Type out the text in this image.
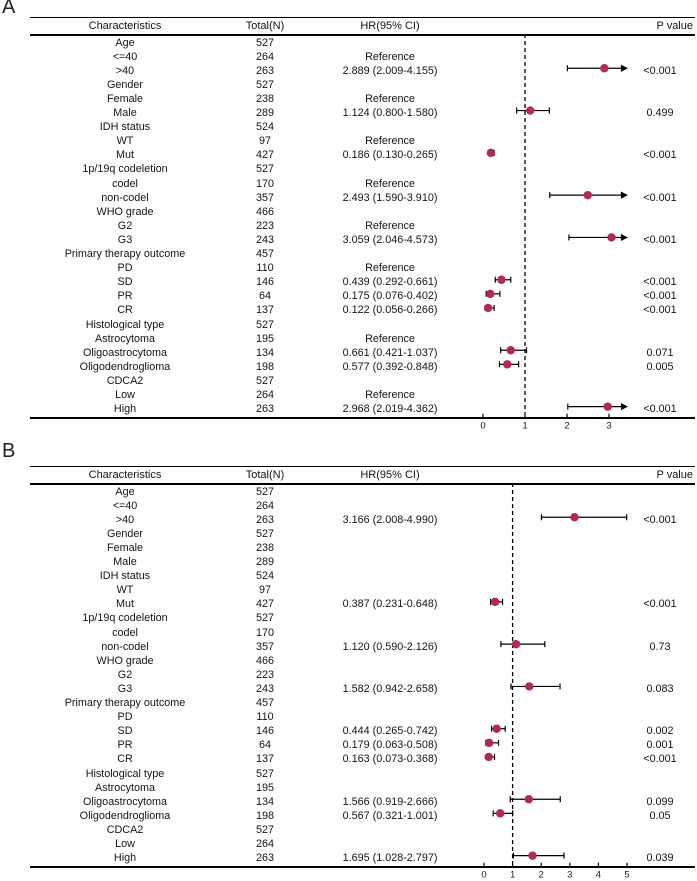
A
Characteristics	Total(N)	HR(95% CI)	P value
Age	527
<=40	264	Reference
>40	263	2.889 (2.009-4.155)	<0.001
Gender	527
Female	238	Reference
Male	289	1.124 (0.800-1.580)	0.499
IDH status	524
WT	97	Reference
Mut	427	0.186 (0.130-0.265)	<0.001
1p/19q codeletion	527
codel	170	Reference
non-codel	357	2.493 (1.590-3.910)	<0.001
WHO grade	466
G2	223	Reference
G3	243	3.059 (2.046-4.573)	<0.001
Primary therapy outcome	457
PD	110	Reference
SD	146	0.439 (0.292-0.661)	<0.001
PR	64	0.175 (0.076-0.402)	<0.001
CR	137	0.122 (0.056-0.266)	<0.001
Histological type	527
Astrocytoma	195	Reference
Oligoastrocytoma	134	0.661 (0.421-1.037)	0.071
Oligodendroglioma	198	0.577 (0.392-0.848)	0.005
CDCA2	527
Low	264	Reference
High	263	2.968 (2.019-4.362)	<0.001
0	1	2	3
B
Characteristics	Total(N)	HR(95% CI)	P value
Age	527
<=40	264
>40	263	3.166 (2.008-4.990)	<0.001
Gender	527
Female	238
Male	289
IDH status	524
WT	97
Mut	427	0.387 (0.231-0.648)	<0.001
1p/19q codeletion	527
codel	170
non-codel	357	1.120 (0.590-2.126)	0.73
WHO grade	466
G2	223
G3	243	1.582 (0.942-2.658)	0.083
Primary therapy outcome	457
PD	110
SD	146	0.444 (0.265-0.742)	0.002
PR	64	0.179 (0.063-0.508)	0.001
CR	137	0.163 (0.073-0.368)	<0.001
Histological type	527
Astrocytoma	195
Oligoastrocytoma	134	1.566 (0.919-2.666)	0.099
Oligodendroglioma	198	0.567 (0.321-1.001)	0.05
CDCA2	527
Low	264
High	263	1.695 (1.028-2.797)	0.039
0 1 2 3 4 5
